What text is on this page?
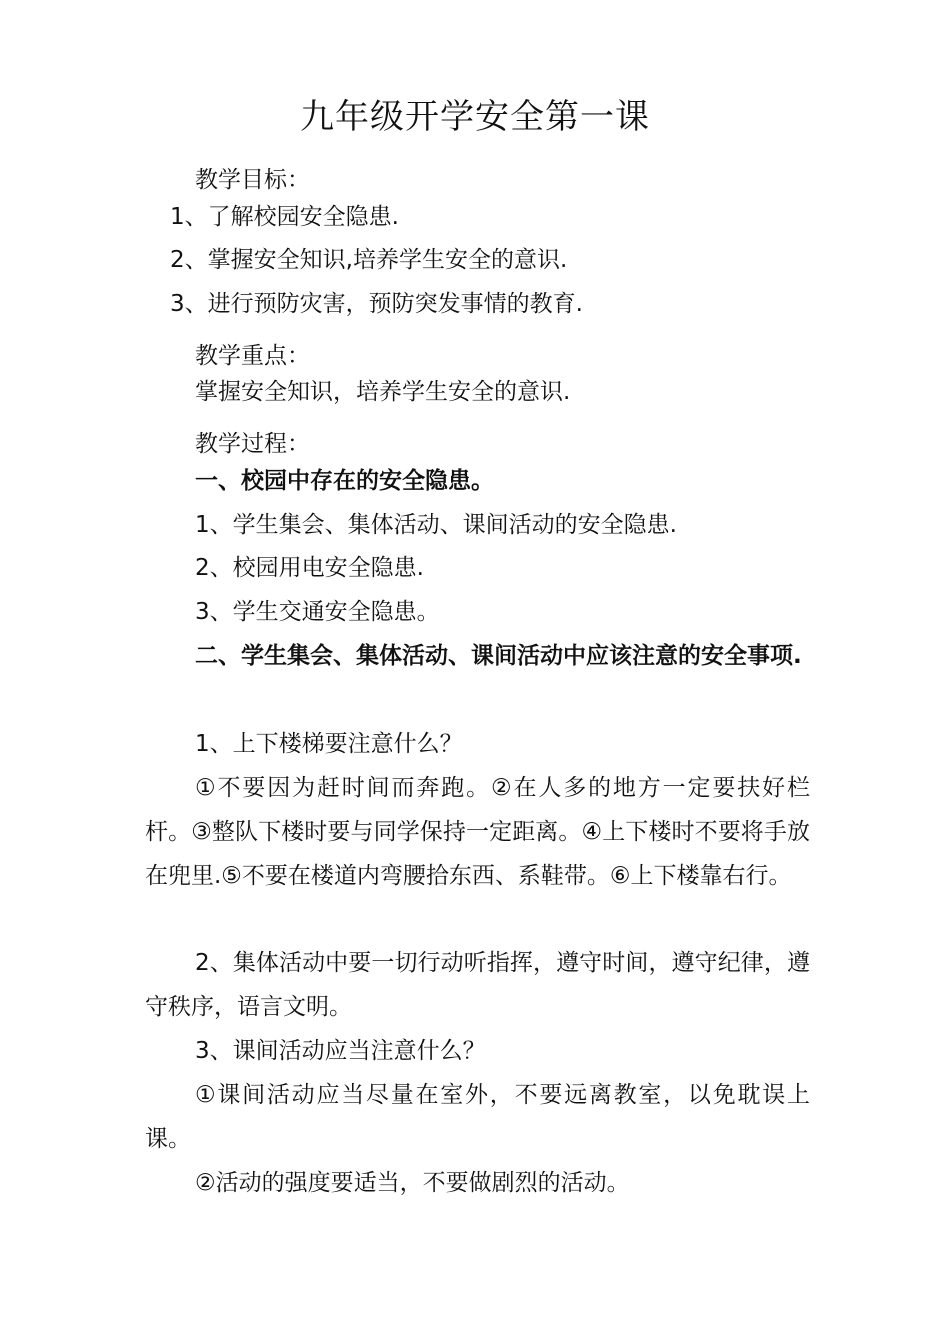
九年级开学安全第一课
教学目标：
1、了解校园安全隐患.
2、掌握安全知识,培养学生安全的意识.
3、进行预防灾害，预防突发事情的教育.
教学重点：
掌握安全知识，培养学生安全的意识.
教学过程：
一、校园中存在的安全隐患。
1、学生集会、集体活动、课间活动的安全隐患.
2、校园用电安全隐患.
3、学生交通安全隐患。
二、学生集会、集体活动、课间活动中应该注意的安全事项.
1、上下楼梯要注意什么？
①不要因为赶时间而奔跑。②在人多的地方一定要扶好栏杆。③整队下楼时要与同学保持一定距离。④上下楼时不要将手放在兜里.⑤不要在楼道内弯腰拾东西、系鞋带。⑥上下楼靠右行。
2、集体活动中要一切行动听指挥，遵守时间，遵守纪律，遵守秩序，语言文明。
3、课间活动应当注意什么？
①课间活动应当尽量在室外，不要远离教室，以免耽误上课。
②活动的强度要适当，不要做剧烈的活动。
